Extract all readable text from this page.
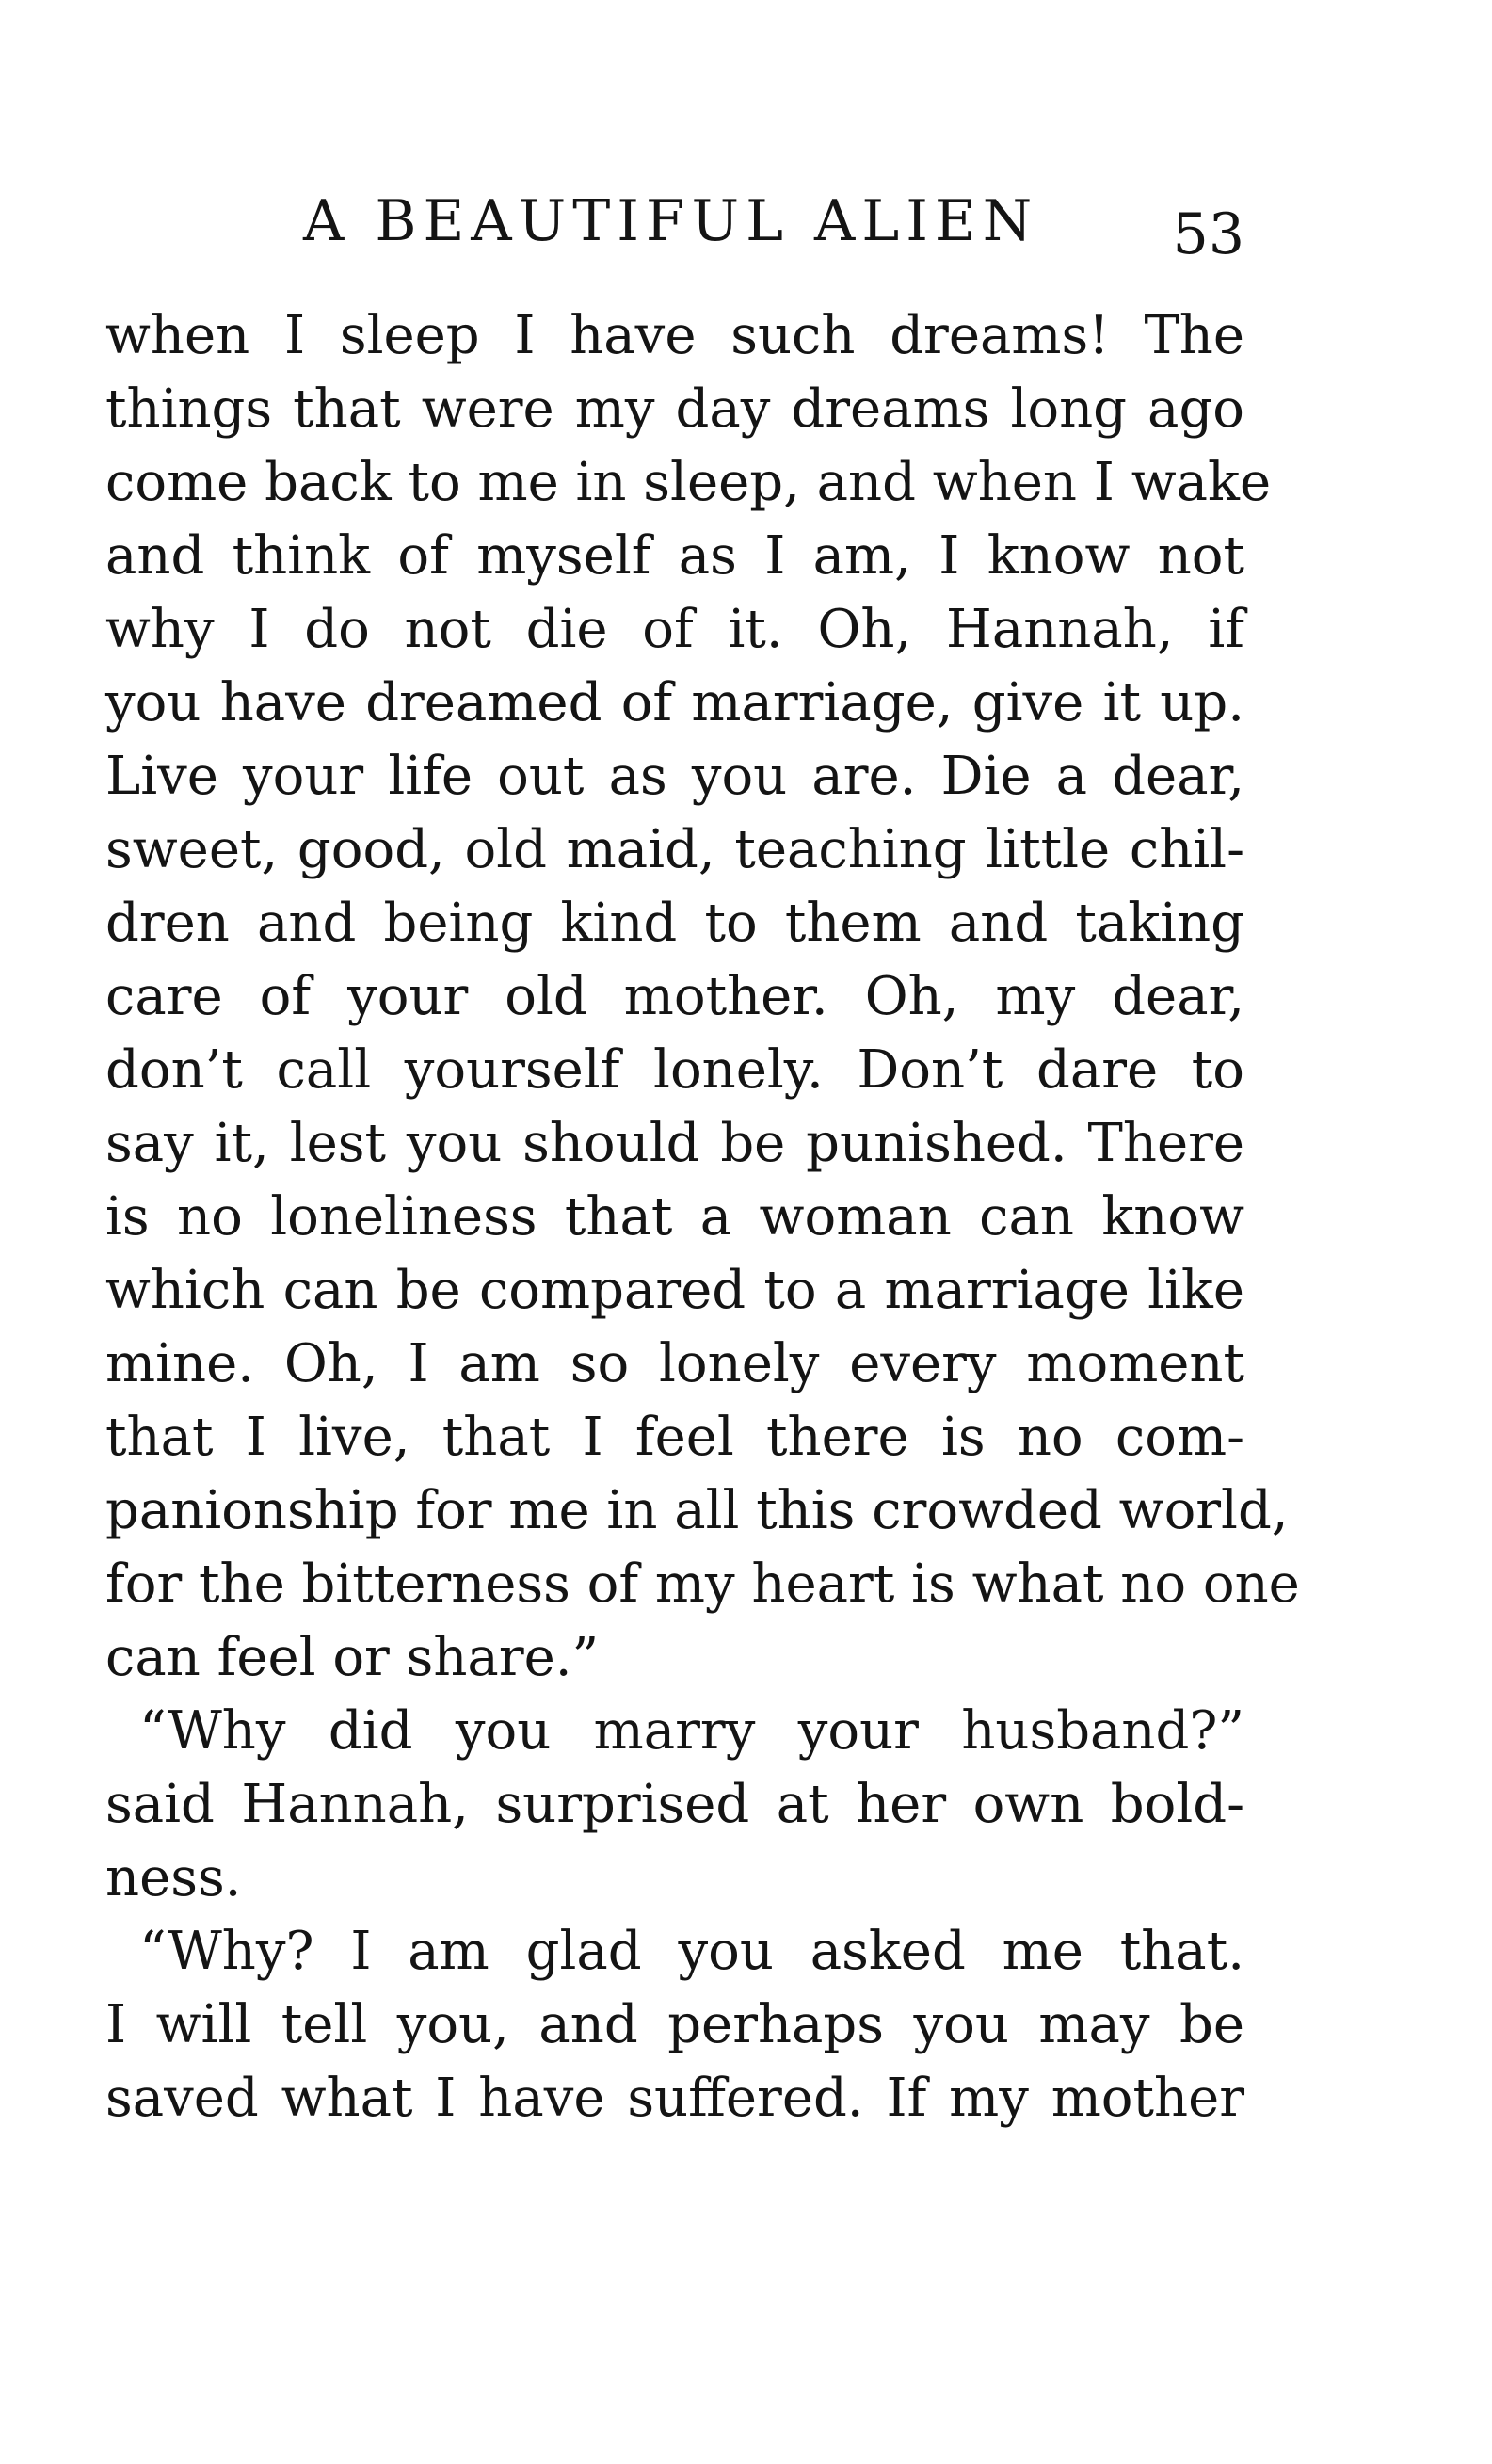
A BEAUTIFUL ALIEN 53
when I sleep I have such dreams! The
things that were my day dreams long ago
come back to me in sleep, and when I wake
and think of myself as I am, I know not
why I do not die of it. Oh, Hannah, if
you have dreamed of marriage, give it up.
Live your life out as you are. Die a dear,
sweet, good, old maid, teaching little chil-
dren and being kind to them and taking
care of your old mother. Oh, my dear,
don’t call yourself lonely. Don’t dare to
say it, lest you should be punished. There
is no loneliness that a woman can know
which can be compared to a marriage like
mine. Oh, I am so lonely every moment
that I live, that I feel there is no com-
panionship for me in all this crowded world,
for the bitterness of my heart is what no one
can feel or share.”
“Why did you marry your husband?”
said Hannah, surprised at her own bold-
ness.
“Why? I am glad you asked me that.
I will tell you, and perhaps you may be
saved what I have suffered. If my mother
